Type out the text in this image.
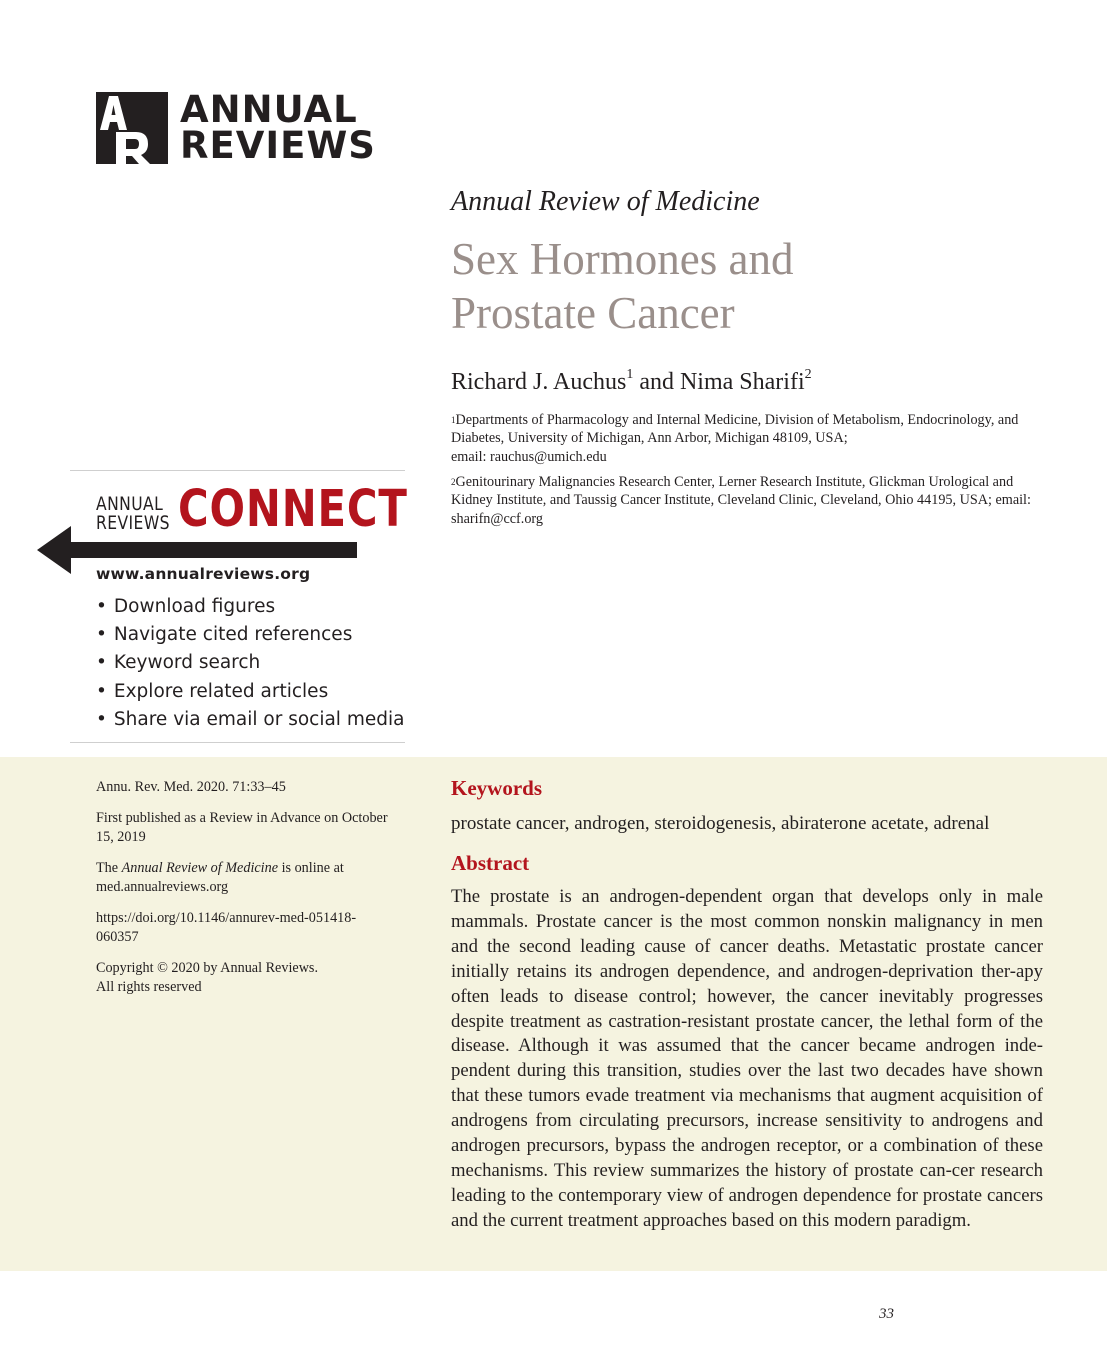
ANNUAL
REVIEWS
Annual Review of Medicine
Sex Hormones and
Prostate Cancer
Richard J. Auchus$^1$ and Nima Sharifi$^2$
$^1$Departments of Pharmacology and Internal Medicine, Division of Metabolism, Endocrinology, and Diabetes, University of Michigan, Ann Arbor, Michigan 48109, USA;
email: rauchus@umich.edu
$^2$Genitourinary Malignancies Research Center, Lerner Research Institute, Glickman Urological and Kidney Institute, and Taussig Cancer Institute, Cleveland Clinic, Cleveland, Ohio 44195, USA; email: sharifn@ccf.org
ANNUAL
REVIEWS CONNECT
www.annualreviews.org
• Download figures
• Navigate cited references
• Keyword search
• Explore related articles
• Share via email or social media
Annu. Rev. Med. 2020. 71:33–45
First published as a Review in Advance on October 15, 2019
The Annual Review of Medicine is online at med.annualreviews.org
https://doi.org/10.1146/annurev-med-051418-060357
Copyright © 2020 by Annual Reviews.
All rights reserved
Keywords
prostate cancer, androgen, steroidogenesis, abiraterone acetate, adrenal
Abstract
The prostate is an androgen-dependent organ that develops only in male mammals. Prostate cancer is the most common nonskin malignancy in men and the second leading cause of cancer deaths. Metastatic prostate cancer initially retains its androgen dependence, and androgen-deprivation ther-apy often leads to disease control; however, the cancer inevitably progresses despite treatment as castration-resistant prostate cancer, the lethal form of the disease. Although it was assumed that the cancer became androgen inde-pendent during this transition, studies over the last two decades have shown that these tumors evade treatment via mechanisms that augment acquisition of androgens from circulating precursors, increase sensitivity to androgens and androgen precursors, bypass the androgen receptor, or a combination of these mechanisms. This review summarizes the history of prostate can-cer research leading to the contemporary view of androgen dependence for prostate cancers and the current treatment approaches based on this modern paradigm.
33
